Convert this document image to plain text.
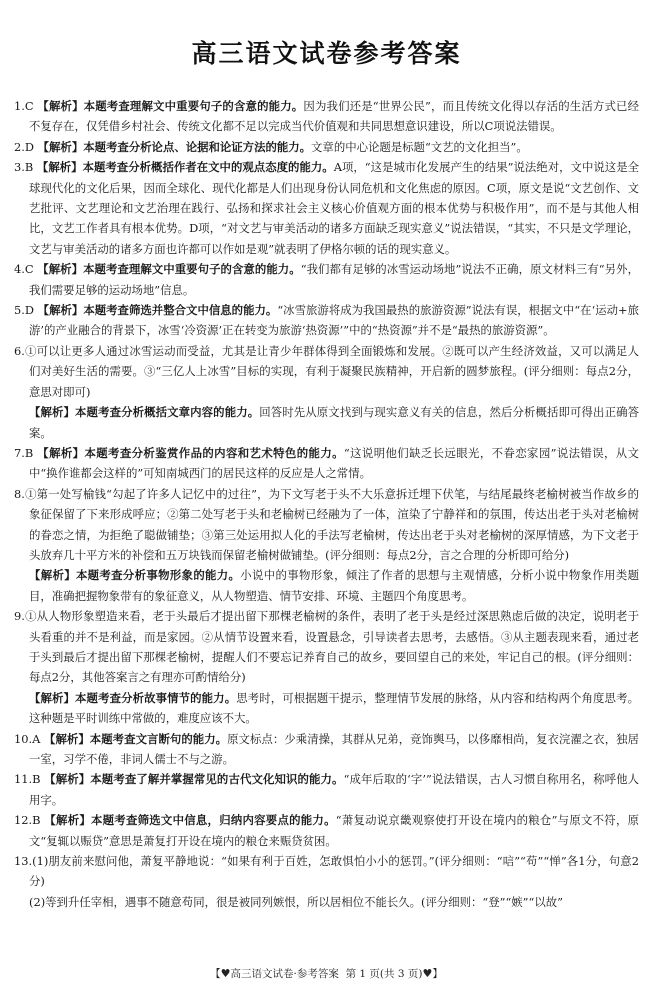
高三语文试卷参考答案

1.C 【解析】本题考查理解文中重要句子的含意的能力。因为我们还是“世界公民”，而且传统文化得以存活的生活方式已经不复存在，仅凭借乡村社会、传统文化都不足以完成当代价值观和共同思想意识建设，所以C项说法错误。

2.D 【解析】本题考查分析论点、论据和论证方法的能力。文章的中心论题是标题“文艺的文化担当”。

3.B 【解析】本题考查分析概括作者在文中的观点态度的能力。A项，“这是城市化发展产生的结果”说法绝对，文中说这是全球现代化的文化后果，因而全球化、现代化都是人们出现身份认同危机和文化焦虑的原因。C项，原文是说“文艺创作、文艺批评、文艺理论和文艺治理在践行、弘扬和探求社会主义核心价值观方面的根本优势与积极作用”，而不是与其他人相比，文艺工作者具有根本优势。D项，“对文艺与审美活动的诸多方面缺乏现实意义”说法错误，“其实，不只是文学理论，文艺与审美活动的诸多方面也许都可以作如是观”就表明了伊格尔顿的话的现实意义。

4.C 【解析】本题考查理解文中重要句子的含意的能力。“我们都有足够的冰雪运动场地”说法不正确，原文材料三有“另外，我们需要足够的运动场地”信息。

5.D 【解析】本题考查筛选并整合文中信息的能力。“冰雪旅游将成为我国最热的旅游资源”说法有误，根据文中“在‘运动+旅游’的产业融合的背景下，冰雪‘冷资源’正在转变为旅游‘热资源’”中的“热资源”并不是“最热的旅游资源”。

6.①可以让更多人通过冰雪运动而受益，尤其是让青少年群体得到全面锻炼和发展。②既可以产生经济效益，又可以满足人们对美好生活的需要。③“三亿人上冰雪”目标的实现，有利于凝聚民族精神，开启新的圆梦旅程。(评分细则：每点2分，意思对即可)

【解析】本题考查分析概括文章内容的能力。回答时先从原文找到与现实意义有关的信息，然后分析概括即可得出正确答案。

7.B 【解析】本题考查分析鉴赏作品的内容和艺术特色的能力。“这说明他们缺乏长远眼光，不眷恋家园”说法错误，从文中“换作谁都会这样的”可知南城西门的居民这样的反应是人之常情。

8.①第一处写榆钱“勾起了许多人记忆中的过往”，为下文写老于头不大乐意拆迁埋下伏笔，与结尾最终老榆树被当作故乡的象征保留了下来形成呼应；②第二处写老于头和老榆树已经融为了一体，渲染了宁静祥和的氛围，传达出老于头对老榆树的眷恋之情，为拒绝了聪做铺垫；③第三处运用拟人化的手法写老榆树，传达出老于头对老榆树的深厚情感，为下文老于头放弃几十平方米的补偿和五万块钱而保留老榆树做铺垫。(评分细则：每点2分，言之合理的分析即可给分)

【解析】本题考查分析事物形象的能力。小说中的事物形象，倾注了作者的思想与主观情感，分析小说中物象作用类题目，准确把握物象带有的象征意义，从人物塑造、情节安排、环境、主题四个角度思考。

9.①从人物形象塑造来看，老于头最后才提出留下那棵老榆树的条件，表明了老于头是经过深思熟虑后做的决定，说明老于头看重的并不是利益，而是家园。②从情节设置来看，设置悬念，引导读者去思考，去感悟。③从主题表现来看，通过老于头到最后才提出留下那棵老榆树，提醒人们不要忘记养育自己的故乡，要回望自己的来处，牢记自己的根。(评分细则：每点2分，其他答案言之有理亦可酌情给分)

【解析】本题考查分析故事情节的能力。思考时，可根据题干提示，整理情节发展的脉络，从内容和结构两个角度思考。这种题是平时训练中常做的，难度应该不大。

10.A 【解析】本题考查文言断句的能力。原文标点：少乘清操，其群从兄弟，竞饰舆马，以侈靡相尚，复衣浣濯之衣，独居一室，习学不倦，非词人儒士不与之游。

11.B 【解析】本题考查了解并掌握常见的古代文化知识的能力。“成年后取的‘字’”说法错误，古人习惯自称用名，称呼他人用字。

12.B 【解析】本题考查筛选文中信息，归纳内容要点的能力。“萧复动说京畿观察使打开设在境内的粮仓”与原文不符，原文“复辄以赈贷”意思是萧复打开设在境内的粮仓来赈贷贫困。

13.(1)朋友前来慰问他，萧复平静地说：“如果有利于百姓，怎敢惧怕小小的惩罚。”(评分细则：“唁”“苟”“惮”各1分，句意2分)

(2)等到升任宰相，遇事不随意苟同，很是被同列嫉恨，所以居相位不能长久。(评分细则：“登”“嫉”“以故”

【♥高三语文试卷·参考答案 第 1 页(共 3 页)♥】
